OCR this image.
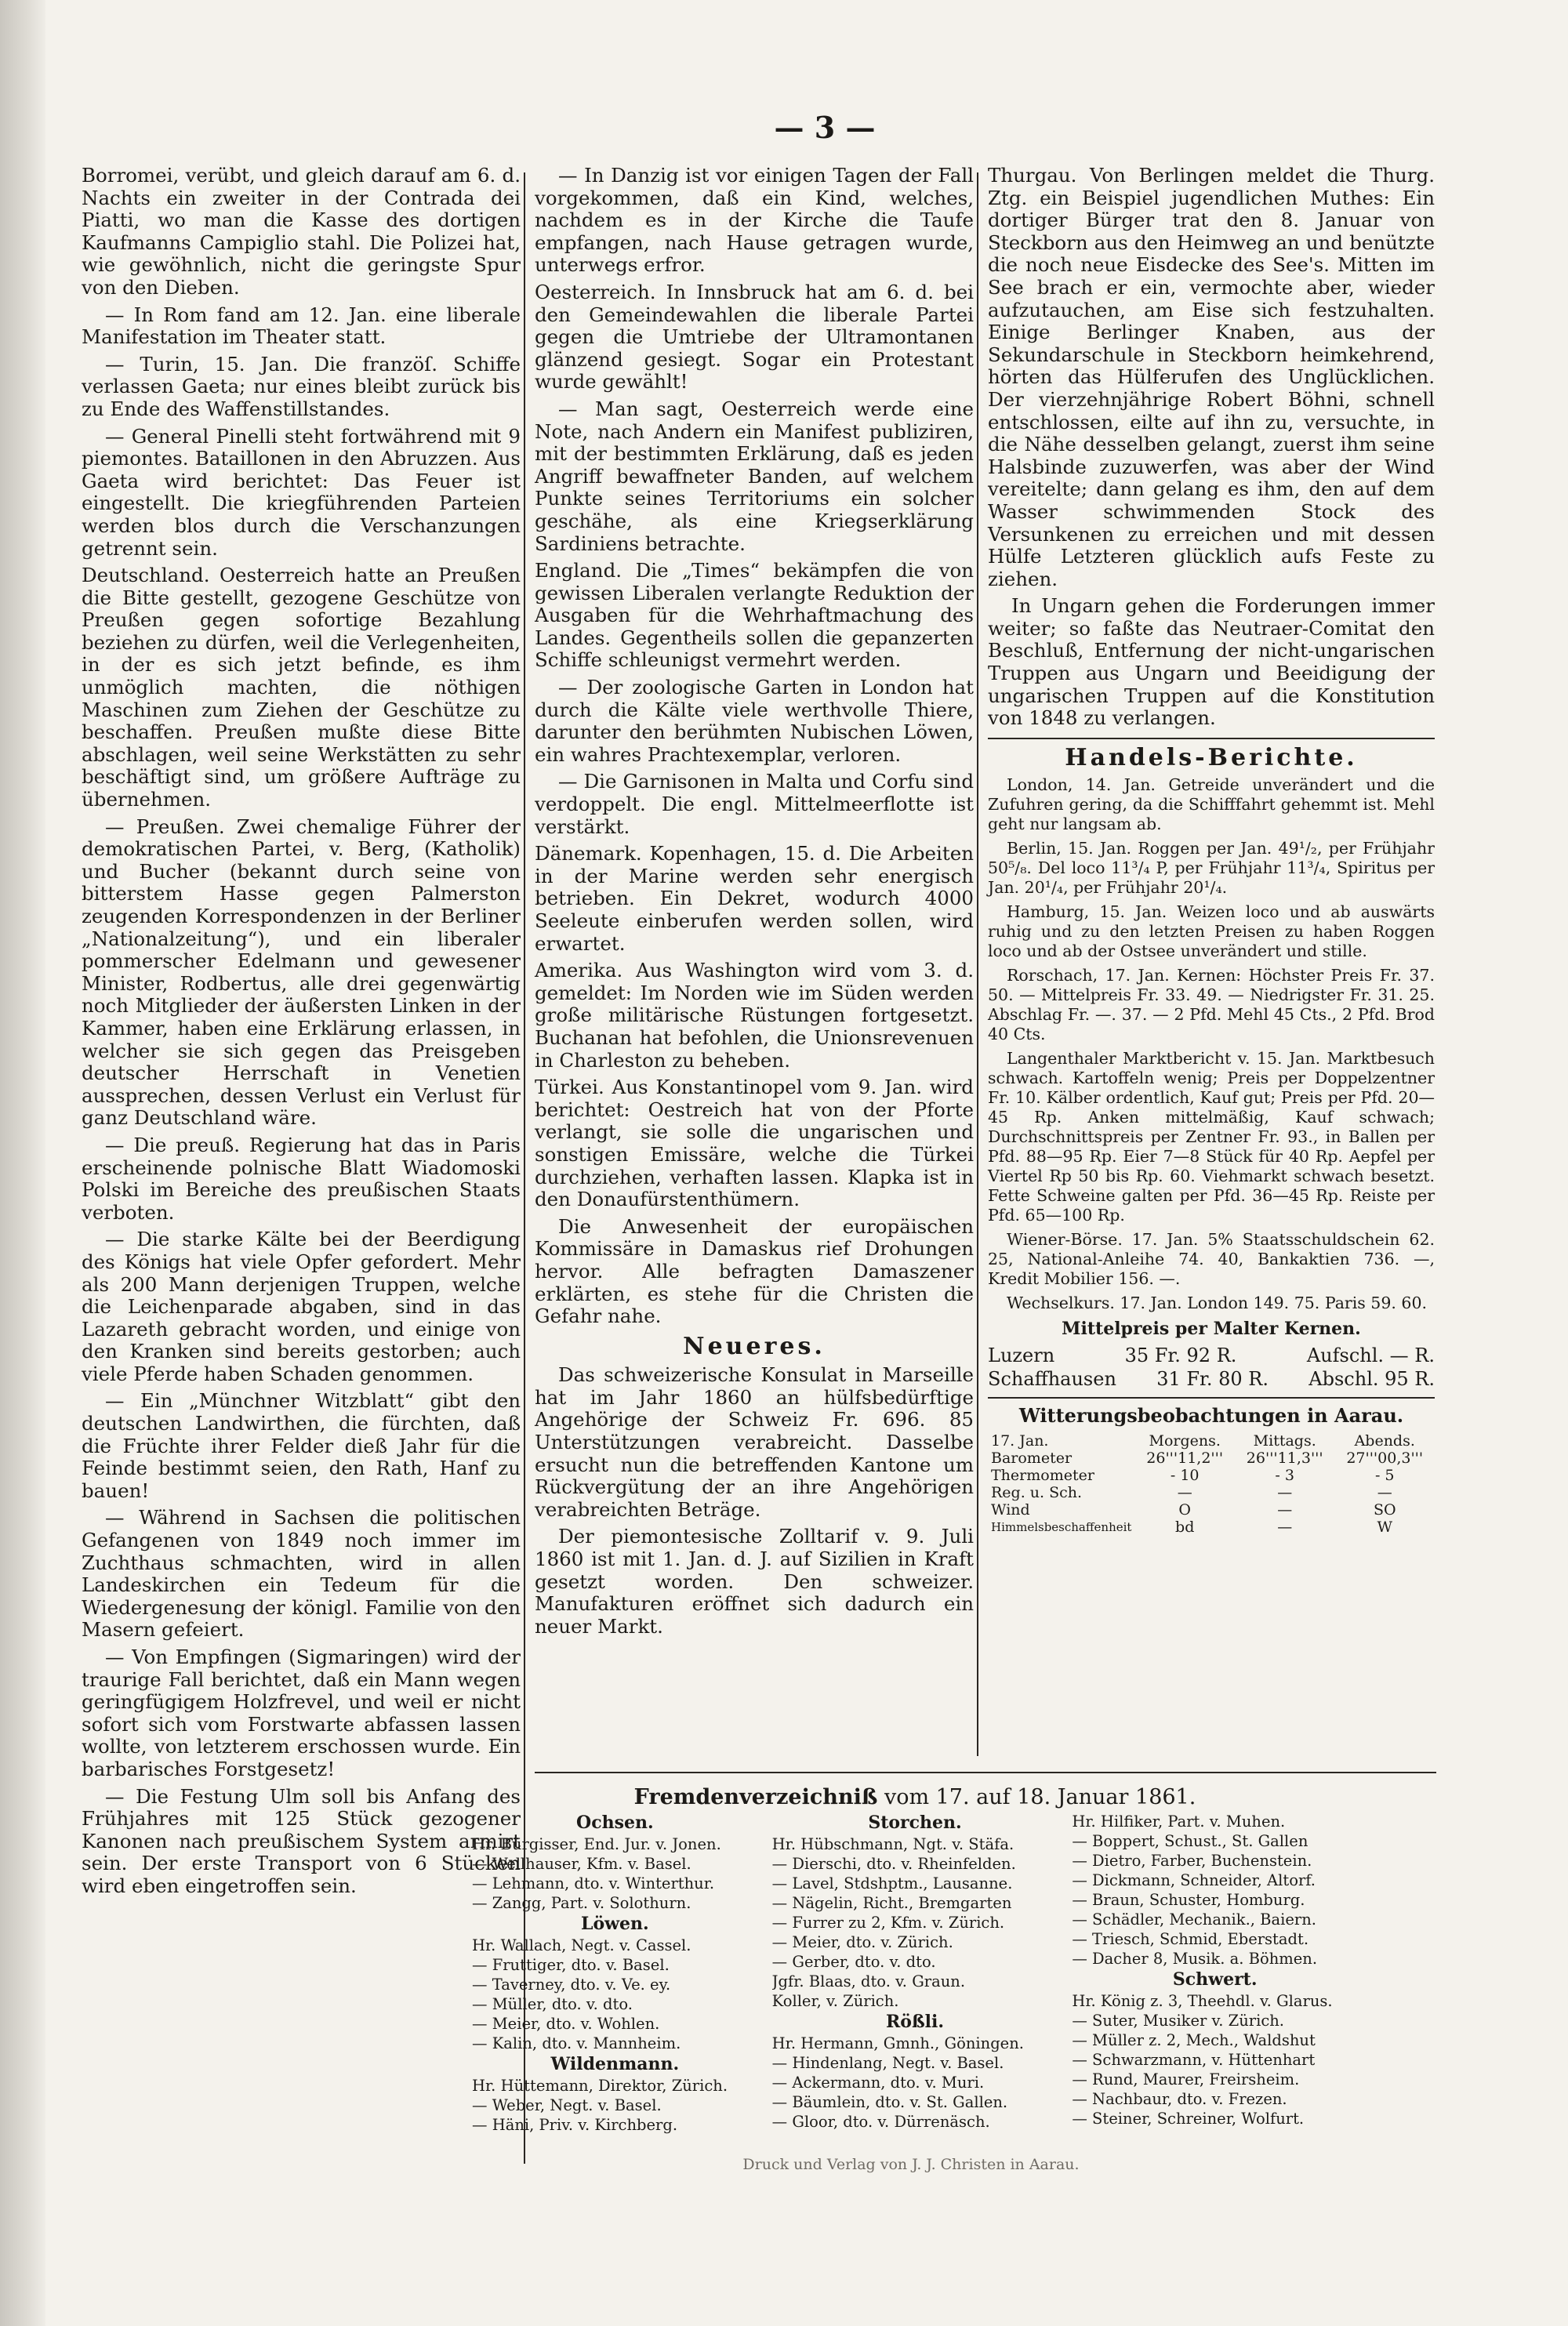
— 3 —

Borromei, verübt, und gleich darauf am 6. d. Nachts ein zweiter in der Contrada dei Piatti, wo man die Kasse des dortigen Kaufmanns Campiglio stahl. Die Polizei hat, wie gewöhnlich, nicht die geringste Spur von den Dieben.

— In Rom fand am 12. Jan. eine liberale Manifestation im Theater statt.

— Turin, 15. Jan. Die franzöſ. Schiffe verlassen Gaeta; nur eines bleibt zurück bis zu Ende des Waffenstillstandes.

— General Pinelli steht fortwährend mit 9 piemontes. Bataillonen in den Abruzzen. Aus Gaeta wird berichtet: Das Feuer ist eingestellt. Die kriegführenden Parteien werden blos durch die Verschanzungen getrennt sein.

Deutschland. Oesterreich hatte an Preußen die Bitte gestellt, gezogene Geschütze von Preußen gegen sofortige Bezahlung beziehen zu dürfen, weil die Verlegenheiten, in der es sich jetzt befinde, es ihm unmöglich machten, die nöthigen Maschinen zum Ziehen der Geschütze zu beschaffen. Preußen mußte diese Bitte abschlagen, weil seine Werkstätten zu sehr beschäftigt sind, um größere Aufträge zu übernehmen.

— Preußen. Zwei chemalige Führer der demokratischen Partei, v. Berg, (Katholik) und Bucher (bekannt durch seine von bitterstem Hasse gegen Palmerston zeugenden Korrespondenzen in der Berliner „Nationalzeitung“), und ein liberaler pommerscher Edelmann und gewesener Minister, Rodbertus, alle drei gegenwärtig noch Mitglieder der äußersten Linken in der Kammer, haben eine Erklärung erlassen, in welcher sie sich gegen das Preisgeben deutscher Herrschaft in Venetien aussprechen, dessen Verlust ein Verlust für ganz Deutschland wäre.

— Die preuß. Regierung hat das in Paris erscheinende polnische Blatt Wiadomoski Polski im Bereiche des preußischen Staats verboten.

— Die starke Kälte bei der Beerdigung des Königs hat viele Opfer gefordert. Mehr als 200 Mann derjenigen Truppen, welche die Leichenparade abgaben, sind in das Lazareth gebracht worden, und einige von den Kranken sind bereits gestorben; auch viele Pferde haben Schaden genommen.

— Ein „Münchner Witzblatt“ gibt den deutschen Landwirthen, die fürchten, daß die Früchte ihrer Felder dieß Jahr für die Feinde bestimmt seien, den Rath, Hanf zu bauen!

— Während in Sachsen die politischen Gefangenen von 1849 noch immer im Zuchthaus schmachten, wird in allen Landeskirchen ein Tedeum für die Wiedergenesung der königl. Familie von den Masern gefeiert.

— Von Empfingen (Sigmaringen) wird der traurige Fall berichtet, daß ein Mann wegen geringfügigem Holzfrevel, und weil er nicht sofort sich vom Forstwarte abfassen lassen wollte, von letzterem erschossen wurde. Ein barbarisches Forstgesetz!

— Die Festung Ulm soll bis Anfang des Frühjahres mit 125 Stück gezogener Kanonen nach preußischem System armirt sein. Der erste Transport von 6 Stücken wird eben eingetroffen sein.

— In Danzig ist vor einigen Tagen der Fall vorgekommen, daß ein Kind, welches, nachdem es in der Kirche die Taufe empfangen, nach Hause getragen wurde, unterwegs erfror.

Oesterreich. In Innsbruck hat am 6. d. bei den Gemeindewahlen die liberale Partei gegen die Umtriebe der Ultramontanen glänzend gesiegt. Sogar ein Protestant wurde gewählt!

— Man sagt, Oesterreich werde eine Note, nach Andern ein Manifest publiziren, mit der bestimmten Erklärung, daß es jeden Angriff bewaffneter Banden, auf welchem Punkte seines Territoriums ein solcher geschähe, als eine Kriegserklärung Sardiniens betrachte.

England. Die „Times“ bekämpfen die von gewissen Liberalen verlangte Reduktion der Ausgaben für die Wehrhaftmachung des Landes. Gegentheils sollen die gepanzerten Schiffe schleunigst vermehrt werden.

— Der zoologische Garten in London hat durch die Kälte viele werthvolle Thiere, darunter den berühmten Nubischen Löwen, ein wahres Prachtexemplar, verloren.

— Die Garnisonen in Malta und Corfu sind verdoppelt. Die engl. Mittelmeerflotte ist verstärkt.

Dänemark. Kopenhagen, 15. d. Die Arbeiten in der Marine werden sehr energisch betrieben. Ein Dekret, wodurch 4000 Seeleute einberufen werden sollen, wird erwartet.

Amerika. Aus Washington wird vom 3. d. gemeldet: Im Norden wie im Süden werden große militärische Rüstungen fortgesetzt. Buchanan hat befohlen, die Unionsrevenuen in Charleston zu beheben.

Türkei. Aus Konstantinopel vom 9. Jan. wird berichtet: Oestreich hat von der Pforte verlangt, sie solle die ungarischen und sonstigen Emissäre, welche die Türkei durchziehen, verhaften lassen. Klapka ist in den Donaufürstenthümern.

Die Anwesenheit der europäischen Kommissäre in Damaskus rief Drohungen hervor. Alle befragten Damaszener erklärten, es stehe für die Christen die Gefahr nahe.

Neueres.

Das schweizerische Konsulat in Marseille hat im Jahr 1860 an hülfsbedürftige Angehörige der Schweiz Fr. 696. 85 Unterstützungen verabreicht. Dasselbe ersucht nun die betreffenden Kantone um Rückvergütung der an ihre Angehörigen verabreichten Beträge.

Der piemontesische Zolltarif v. 9. Juli 1860 ist mit 1. Jan. d. J. auf Sizilien in Kraft gesetzt worden. Den schweizer. Manufakturen eröffnet sich dadurch ein neuer Markt.

Thurgau. Von Berlingen meldet die Thurg. Ztg. ein Beispiel jugendlichen Muthes: Ein dortiger Bürger trat den 8. Januar von Steckborn aus den Heimweg an und benützte die noch neue Eisdecke des See's. Mitten im See brach er ein, vermochte aber, wieder aufzutauchen, am Eise sich festzuhalten. Einige Berlinger Knaben, aus der Sekundarschule in Steckborn heimkehrend, hörten das Hülferufen des Unglücklichen. Der vierzehnjährige Robert Böhni, schnell entschlossen, eilte auf ihn zu, versuchte, in die Nähe desselben gelangt, zuerst ihm seine Halsbinde zuzuwerfen, was aber der Wind vereitelte; dann gelang es ihm, den auf dem Wasser schwimmenden Stock des Versunkenen zu erreichen und mit dessen Hülfe Letzteren glücklich aufs Feste zu ziehen.

In Ungarn gehen die Forderungen immer weiter; so faßte das Neutraer-Comitat den Beschluß, Entfernung der nicht-ungarischen Truppen aus Ungarn und Beeidigung der ungarischen Truppen auf die Konstitution von 1848 zu verlangen.

Handels-Berichte.

London, 14. Jan. Getreide unverändert und die Zufuhren gering, da die Schifffahrt gehemmt ist. Mehl geht nur langsam ab.

Berlin, 15. Jan. Roggen per Jan. 49¹/₂, per Frühjahr 50⁵/₈. Del loco 11³/₄ P, per Frühjahr 11³/₄, Spiritus per Jan. 20¹/₄, per Frühjahr 20¹/₄.

Hamburg, 15. Jan. Weizen loco und ab auswärts ruhig und zu den letzten Preisen zu haben Roggen loco und ab der Ostsee unverändert und stille.

Rorschach, 17. Jan. Kernen: Höchster Preis Fr. 37. 50. — Mittelpreis Fr. 33. 49. — Niedrigster Fr. 31. 25. Abschlag Fr. —. 37. — 2 Pfd. Mehl 45 Cts., 2 Pfd. Brod 40 Cts.

Langenthaler Marktbericht v. 15. Jan. Marktbesuch schwach. Kartoffeln wenig; Preis per Doppelzentner Fr. 10. Kälber ordentlich, Kauf gut; Preis per Pfd. 20—45 Rp. Anken mittelmäßig, Kauf schwach; Durchschnittspreis per Zentner Fr. 93., in Ballen per Pfd. 88—95 Rp. Eier 7—8 Stück für 40 Rp. Aepfel per Viertel Rp 50 bis Rp. 60. Viehmarkt schwach besetzt. Fette Schweine galten per Pfd. 36—45 Rp. Reiste per Pfd. 65—100 Rp.

Wiener-Börse. 17. Jan. 5% Staatsschuldschein 62. 25, National-Anleihe 74. 40, Bankaktien 736. —, Kredit Mobilier 156. —.

Wechselkurs. 17. Jan. London 149. 75. Paris 59. 60.

Mittelpreis per Malter Kernen.
Luzern	35 Fr. 92 R.	Aufschl. — R.
Schaffhausen 31 Fr. 80 R. Abschl. 95 R.
Witterungsbeobachtungen in Aarau.
17. Jan.	Morgens.	Mittags.	Abends.
Barometer	26'''11,2'''	26'''11,3'''	27'''00,3'''
Thermometer	- 10	- 3	- 5
Reg. u. Sch.	—	—	—
Wind	O	—	SO
Himmelsbeschaffenheit	bd	—	W
Fremdenverzeichniß vom 17. auf 18. Januar 1861.
Ochsen.
Hr. Bürgisser, End. Jur. v. Jonen.
— Wellhauser, Kfm. v. Basel.
— Lehmann, dto. v. Winterthur.
— Zangg, Part. v. Solothurn.
Löwen.
Hr. Wallach, Negt. v. Cassel.
— Fruttiger, dto. v. Basel.
— Taverney, dto. v. Ve. ey.
— Müller, dto. v. dto.
— Meier, dto. v. Wohlen.
— Kalin, dto. v. Mannheim.
Wildenmann.
Hr. Hüttemann, Direktor, Zürich.
— Weber, Negt. v. Basel.
— Häni, Priv. v. Kirchberg.
Storchen.
Hr. Hübschmann, Ngt. v. Stäfa.
— Dierschi, dto. v. Rheinfelden.
— Lavel, Stdshptm., Lausanne.
— Nägelin, Richt., Bremgarten
— Furrer zu 2, Kfm. v. Zürich.
— Meier, dto. v. Zürich.
— Gerber, dto. v. dto.
Jgfr. Blaas, dto. v. Graun.
Koller, v. Zürich.
Rößli.
Hr. Hermann, Gmnh., Göningen.
— Hindenlang, Negt. v. Basel.
— Ackermann, dto. v. Muri.
— Bäumlein, dto. v. St. Gallen.
— Gloor, dto. v. Dürrenäsch.
Hr. Hilfiker, Part. v. Muhen.
— Boppert, Schust., St. Gallen
— Dietro, Farber, Buchenstein.
— Dickmann, Schneider, Altorf.
— Braun, Schuster, Homburg.
— Schädler, Mechanik., Baiern.
— Triesch, Schmid, Eberstadt.
— Dacher 8, Musik. a. Böhmen.
Schwert.
Hr. König z. 3, Theehdl. v. Glarus.
— Suter, Musiker v. Zürich.
— Müller z. 2, Mech., Waldshut
— Schwarzmann, v. Hüttenhart
— Rund, Maurer, Freirsheim.
— Nachbaur, dto. v. Frezen.
— Steiner, Schreiner, Wolfurt.
Druck und Verlag von J. J. Christen in Aarau.
